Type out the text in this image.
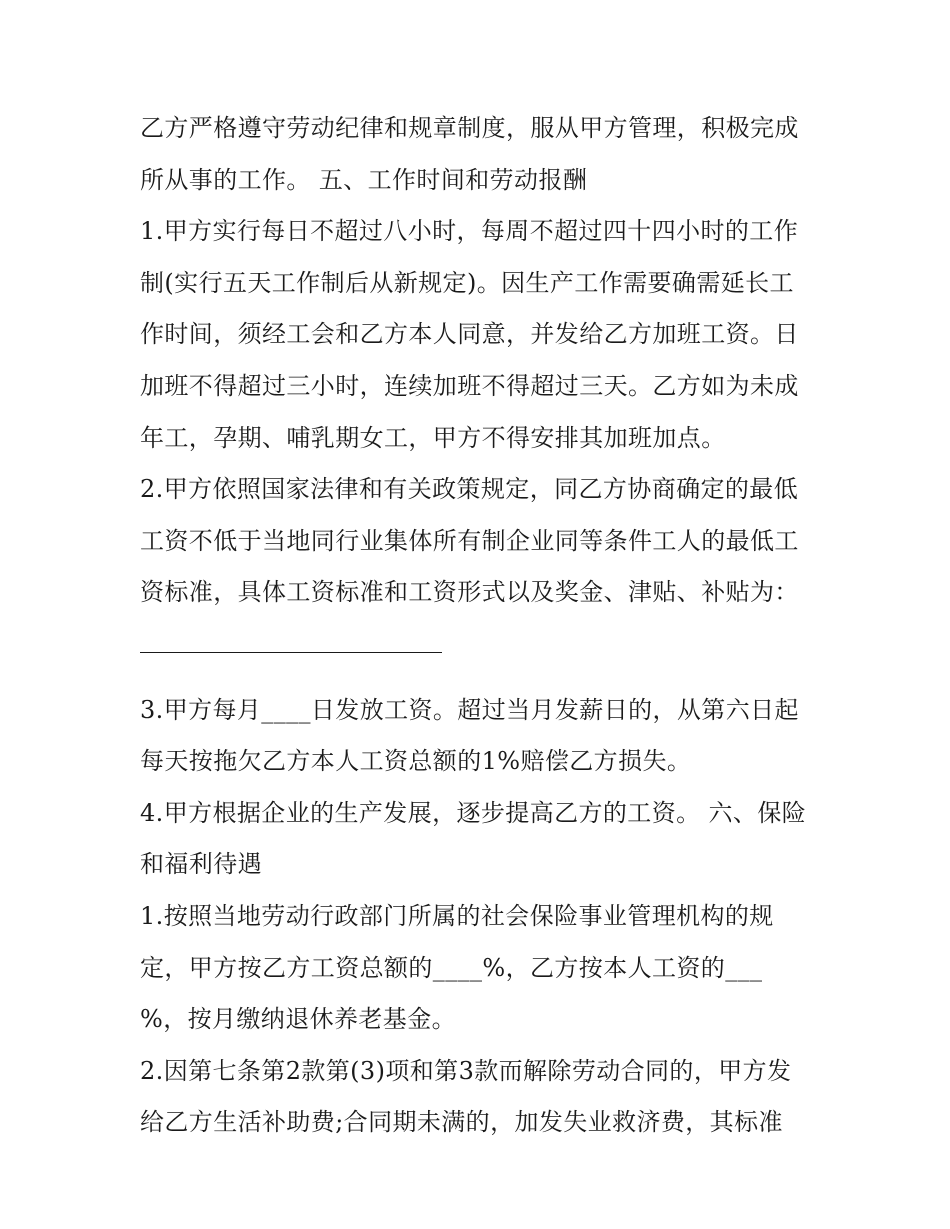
乙方严格遵守劳动纪律和规章制度，服从甲方管理，积极完成
所从事的工作。 五、工作时间和劳动报酬
1.甲方实行每日不超过八小时，每周不超过四十四小时的工作
制(实行五天工作制后从新规定)。因生产工作需要确需延长工
作时间，须经工会和乙方本人同意，并发给乙方加班工资。日
加班不得超过三小时，连续加班不得超过三天。乙方如为未成
年工，孕期、哺乳期女工，甲方不得安排其加班加点。
2.甲方依照国家法律和有关政策规定，同乙方协商确定的最低
工资不低于当地同行业集体所有制企业同等条件工人的最低工
资标准，具体工资标准和工资形式以及奖金、津贴、补贴为：
3.甲方每月____日发放工资。超过当月发薪日的，从第六日起
每天按拖欠乙方本人工资总额的1%赔偿乙方损失。
4.甲方根据企业的生产发展，逐步提高乙方的工资。 六、保险
和福利待遇
1.按照当地劳动行政部门所属的社会保险事业管理机构的规
定，甲方按乙方工资总额的____%，乙方按本人工资的___
%，按月缴纳退休养老基金。
2.因第七条第2款第(3)项和第3款而解除劳动合同的，甲方发
给乙方生活补助费;合同期未满的，加发失业救济费，其标准
